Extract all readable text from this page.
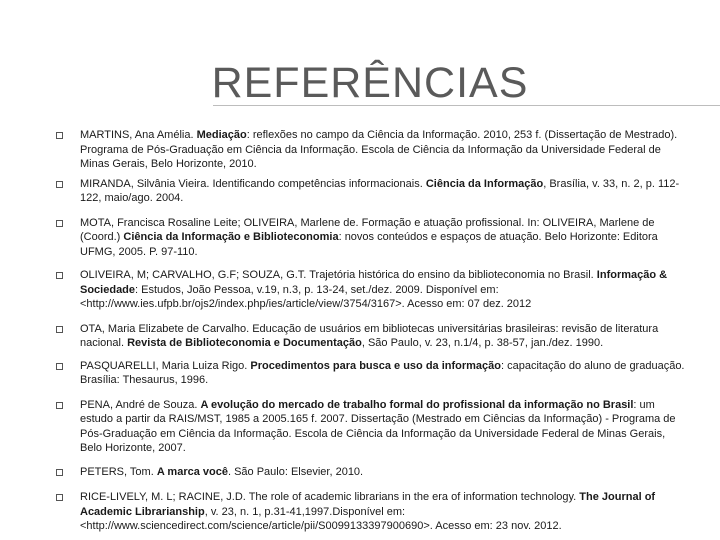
REFERÊNCIAS
MARTINS, Ana Amélia. Mediação: reflexões no campo da Ciência da Informação. 2010, 253 f. (Dissertação de Mestrado). Programa de Pós-Graduação em Ciência da Informação. Escola de Ciência da Informação da Universidade Federal de Minas Gerais, Belo Horizonte, 2010.
MIRANDA, Silvânia Vieira. Identificando competências informacionais. Ciência da Informação, Brasília, v. 33, n. 2, p. 112-122, maio/ago. 2004.
MOTA, Francisca Rosaline Leite; OLIVEIRA, Marlene de. Formação e atuação profissional. In: OLIVEIRA, Marlene de (Coord.) Ciência da Informação e Biblioteconomia: novos conteúdos e espaços de atuação. Belo Horizonte: Editora UFMG, 2005. P. 97-110.
OLIVEIRA, M; CARVALHO, G.F; SOUZA, G.T. Trajetória histórica do ensino da biblioteconomia no Brasil. Informação & Sociedade: Estudos, João Pessoa, v.19, n.3, p. 13-24, set./dez. 2009. Disponível em: <http://www.ies.ufpb.br/ojs2/index.php/ies/article/view/3754/3167>. Acesso em: 07 dez. 2012
OTA, Maria Elizabete de Carvalho. Educação de usuários em bibliotecas universitárias brasileiras: revisão de literatura nacional. Revista de Biblioteconomia e Documentação, São Paulo, v. 23, n.1/4, p. 38-57, jan./dez. 1990.
PASQUARELLI, Maria Luiza Rigo. Procedimentos para busca e uso da informação: capacitação do aluno de graduação. Brasília: Thesaurus, 1996.
PENA, André de Souza. A evolução do mercado de trabalho formal do profissional da informação no Brasil: um estudo a partir da RAIS/MST, 1985 a 2005.165 f. 2007. Dissertação (Mestrado em Ciências da Informação) - Programa de Pós-Graduação em Ciência da Informação. Escola de Ciência da Informação da Universidade Federal de Minas Gerais, Belo Horizonte, 2007.
PETERS, Tom. A marca você. São Paulo: Elsevier, 2010.
RICE-LIVELY, M. L; RACINE, J.D. The role of academic librarians in the era of information technology. The Journal of Academic Librarianship, v. 23, n. 1, p.31-41,1997.Disponível em: <http://www.sciencedirect.com/science/article/pii/S0099133397900690>. Acesso em: 23 nov. 2012.
